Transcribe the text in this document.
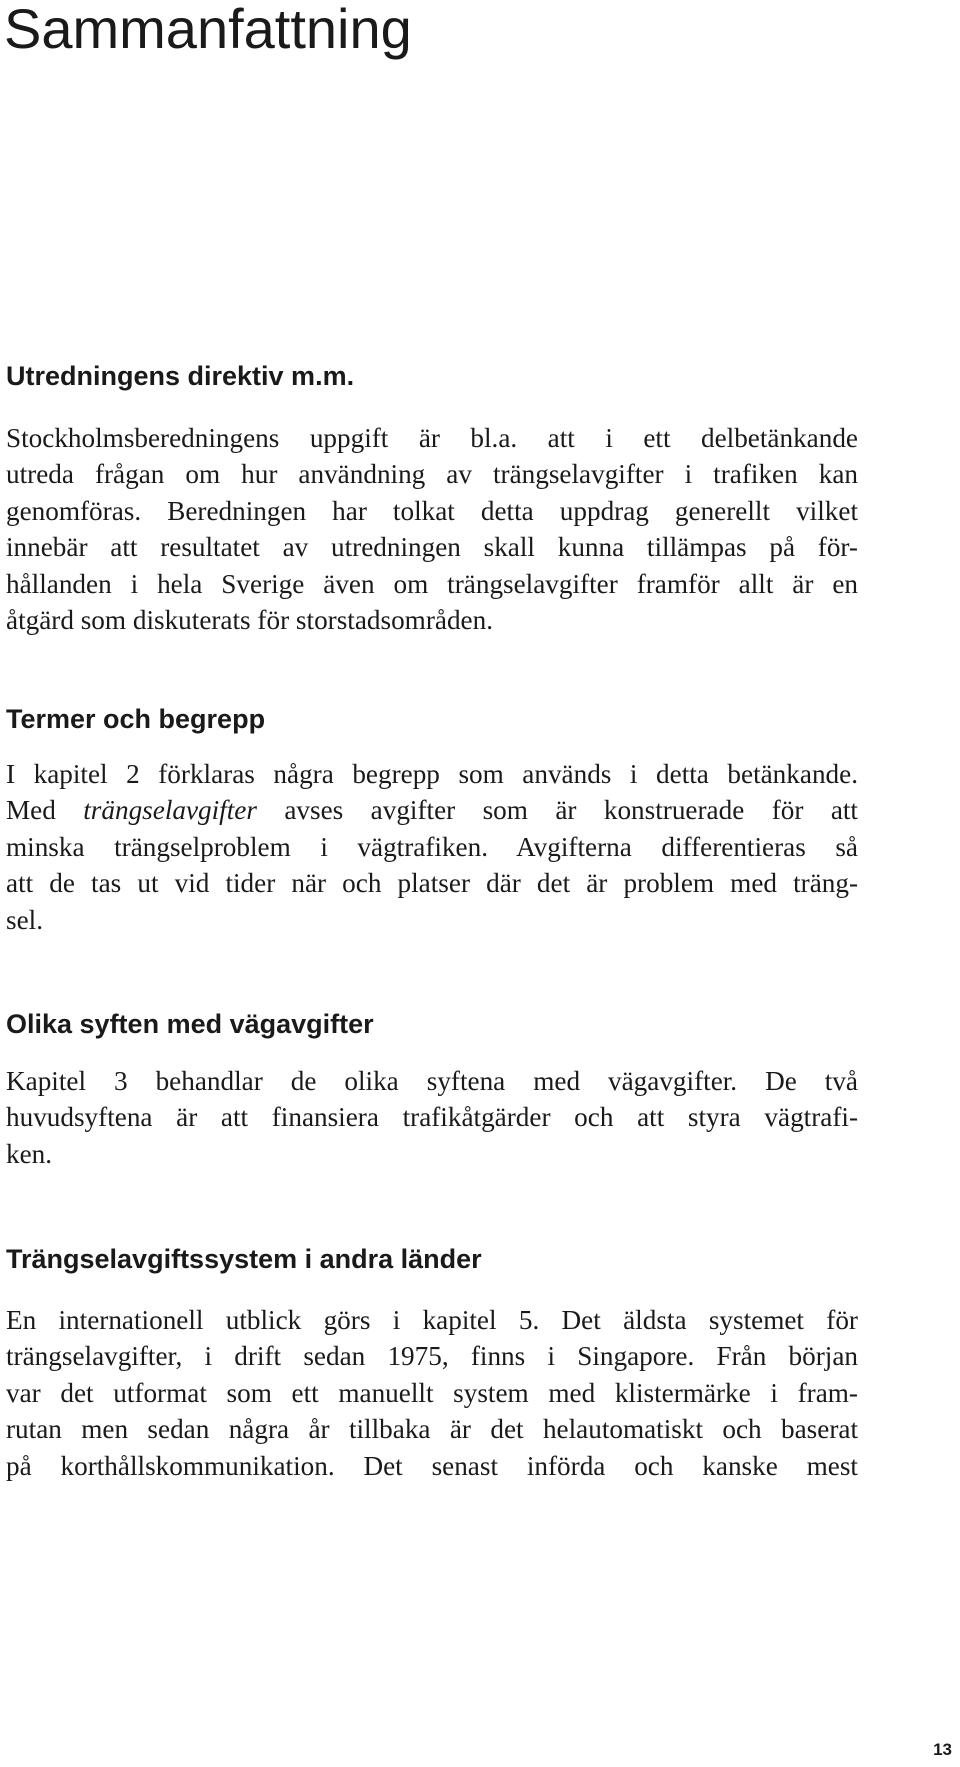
Sammanfattning
Utredningens direktiv m.m.
Stockholmsberedningens uppgift är bl.a. att i ett delbetänkande
utreda frågan om hur användning av trängselavgifter i trafiken kan
genomföras. Beredningen har tolkat detta uppdrag generellt vilket
innebär att resultatet av utredningen skall kunna tillämpas på för-
hållanden i hela Sverige även om trängselavgifter framför allt är en
åtgärd som diskuterats för storstadsområden.
Termer och begrepp
I kapitel 2 förklaras några begrepp som används i detta betänkande.
Med trängselavgifter avses avgifter som är konstruerade för att
minska trängselproblem i vägtrafiken. Avgifterna differentieras så
att de tas ut vid tider när och platser där det är problem med träng-
sel.
Olika syften med vägavgifter
Kapitel 3 behandlar de olika syftena med vägavgifter. De två
huvudsyftena är att finansiera trafikåtgärder och att styra vägtrafi-
ken.
Trängselavgiftssystem i andra länder
En internationell utblick görs i kapitel 5. Det äldsta systemet för
trängselavgifter, i drift sedan 1975, finns i Singapore. Från början
var det utformat som ett manuellt system med klistermärke i fram-
rutan men sedan några år tillbaka är det helautomatiskt och baserat
på korthållskommunikation. Det senast införda och kanske mest

13
